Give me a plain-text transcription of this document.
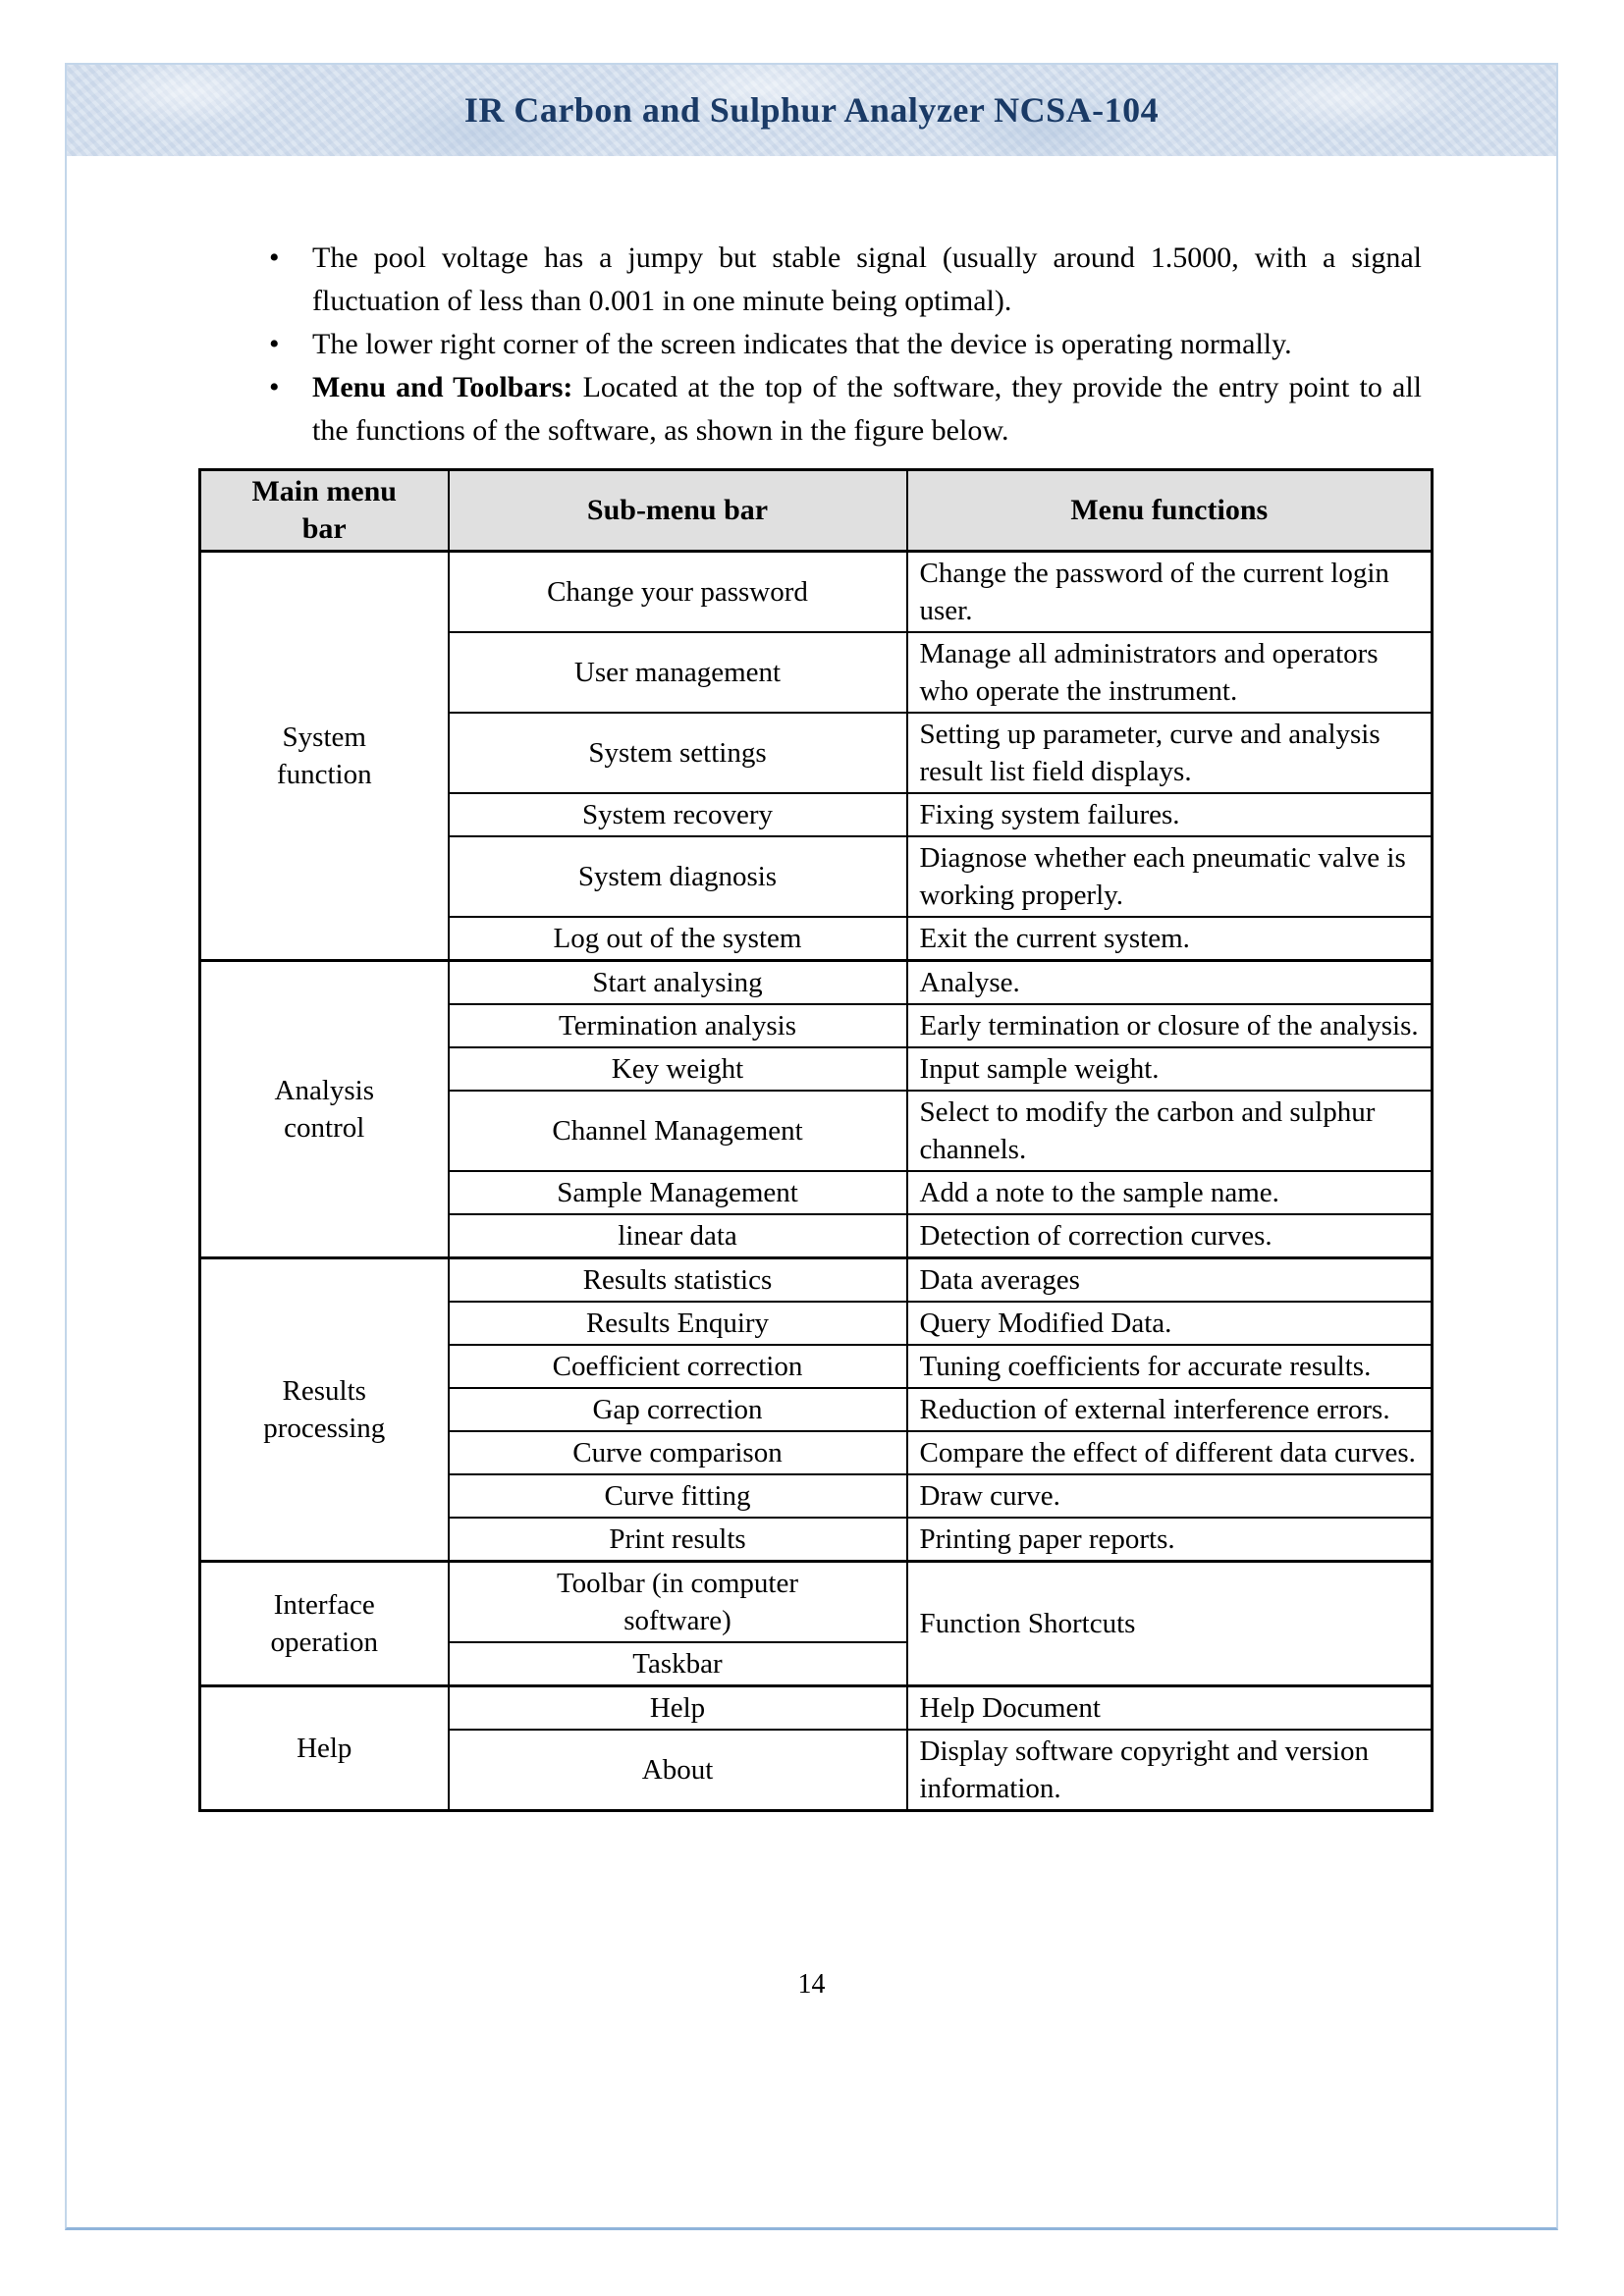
IR Carbon and Sulphur Analyzer NCSA-104
• The pool voltage has a jumpy but stable signal (usually around 1.5000, with a signal fluctuation of less than 0.001 in one minute being optimal).
• The lower right corner of the screen indicates that the device is operating normally.
• Menu and Toolbars: Located at the top of the software, they provide the entry point to all the functions of the software, as shown in the figure below.
Main menu bar	Sub-menu bar	Menu functions
System function	Change your password	Change the password of the current login user.
	User management	Manage all administrators and operators who operate the instrument.
	System settings	Setting up parameter, curve and analysis result list field displays.
	System recovery	Fixing system failures.
	System diagnosis	Diagnose whether each pneumatic valve is working properly.
	Log out of the system	Exit the current system.
Analysis control	Start analysing	Analyse.
	Termination analysis	Early termination or closure of the analysis.
	Key weight	Input sample weight.
	Channel Management	Select to modify the carbon and sulphur channels.
	Sample Management	Add a note to the sample name.
	linear data	Detection of correction curves.
Results processing	Results statistics	Data averages
	Results Enquiry	Query Modified Data.
	Coefficient correction	Tuning coefficients for accurate results.
	Gap correction	Reduction of external interference errors.
	Curve comparison	Compare the effect of different data curves.
	Curve fitting	Draw curve.
	Print results	Printing paper reports.
Interface operation	Toolbar (in computer software)	Function Shortcuts
	Taskbar	
Help	Help	Help Document
	About	Display software copyright and version information.
14
